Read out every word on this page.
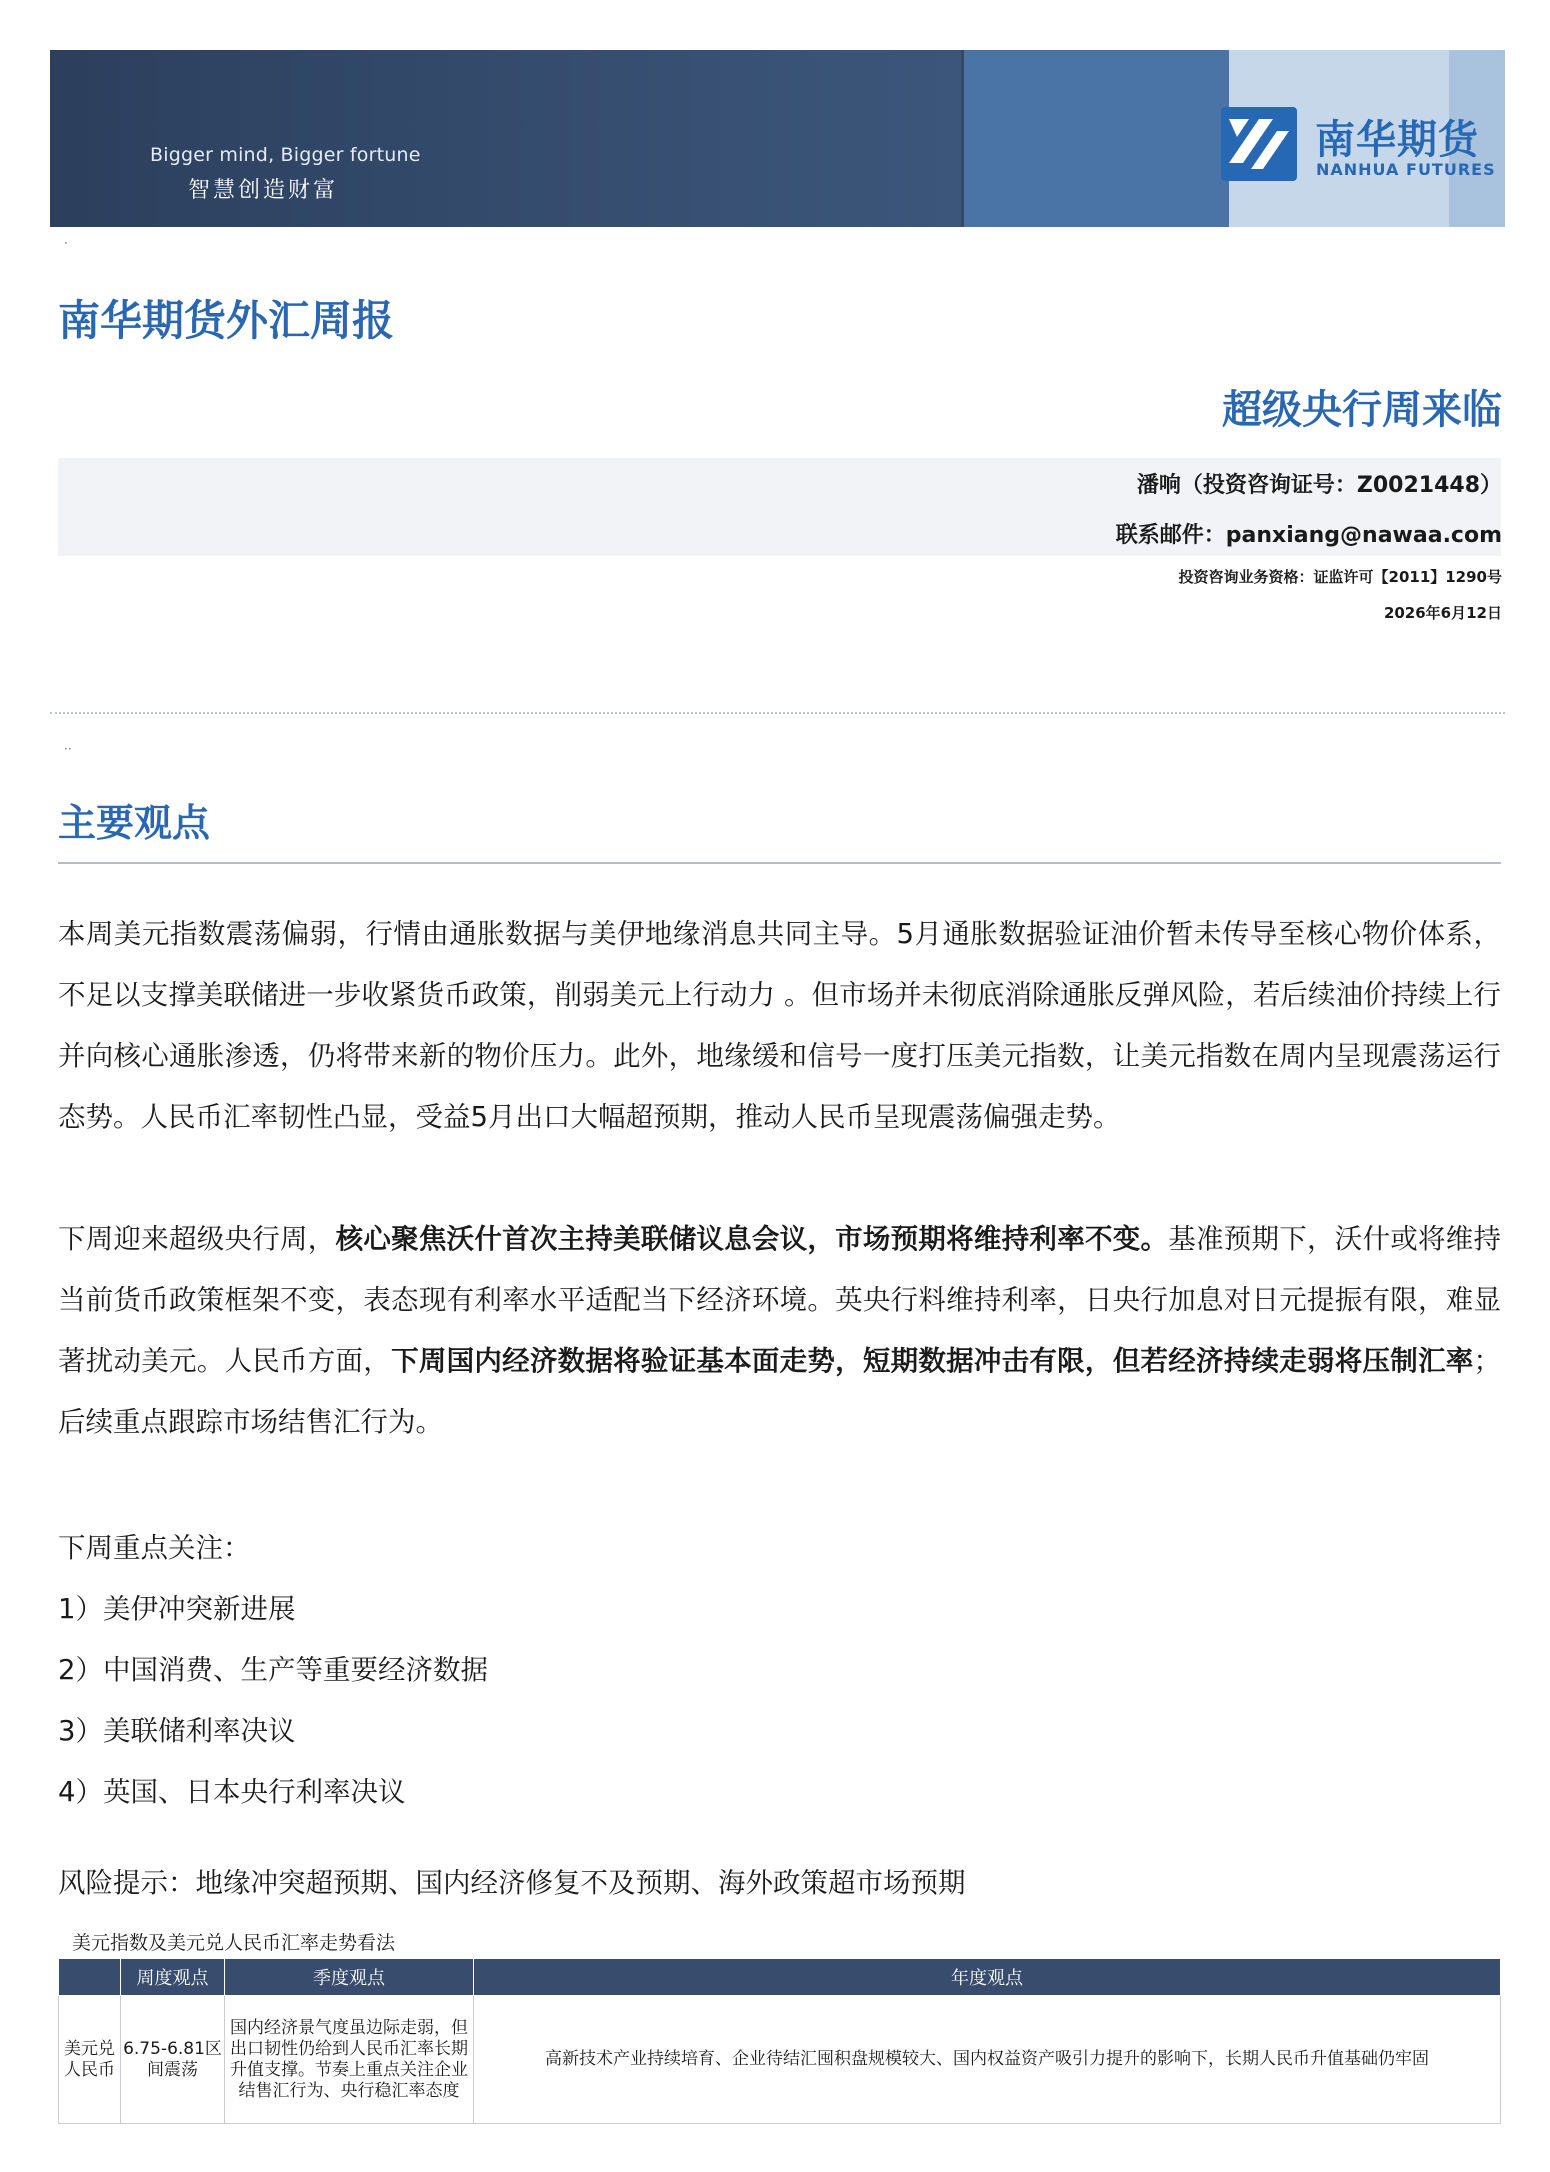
Bigger mind, Bigger fortune
智慧创造财富
南华期货
NANHUA FUTURES
·
南华期货外汇周报
超级央行周来临
潘响（投资咨询证号：Z0021448）
联系邮件：panxiang@nawaa.com
投资咨询业务资格：证监许可【2011】1290号
2026年6月12日
··
主要观点
本周美元指数震荡偏弱，行情由通胀数据与美伊地缘消息共同主导。5月通胀数据验证油价暂未传导至核心物价体系，不足以支撑美联储进一步收紧货币政策，削弱美元上行动力 。但市场并未彻底消除通胀反弹风险，若后续油价持续上行并向核心通胀渗透，仍将带来新的物价压力。此外，地缘缓和信号一度打压美元指数，让美元指数在周内呈现震荡运行态势。人民币汇率韧性凸显，受益5月出口大幅超预期，推动人民币呈现震荡偏强走势。
下周迎来超级央行周，核心聚焦沃什首次主持美联储议息会议，市场预期将维持利率不变。基准预期下，沃什或将维持当前货币政策框架不变，表态现有利率水平适配当下经济环境。英央行料维持利率，日央行加息对日元提振有限，难显著扰动美元。人民币方面，下周国内经济数据将验证基本面走势，短期数据冲击有限，但若经济持续走弱将压制汇率；后续重点跟踪市场结售汇行为。
下周重点关注：
1）美伊冲突新进展
2）中国消费、生产等重要经济数据
3）美联储利率决议
4）英国、日本央行利率决议
风险提示：地缘冲突超预期、国内经济修复不及预期、海外政策超市场预期
美元指数及美元兑人民币汇率走势看法
	周度观点	季度观点	年度观点
美元兑人民币	6.75-6.81区间震荡	国内经济景气度虽边际走弱，但出口韧性仍给到人民币汇率长期升值支撑。节奏上重点关注企业结售汇行为、央行稳汇率态度	高新技术产业持续培育、企业待结汇囤积盘规模较大、国内权益资产吸引力提升的影响下，长期人民币升值基础仍牢固
